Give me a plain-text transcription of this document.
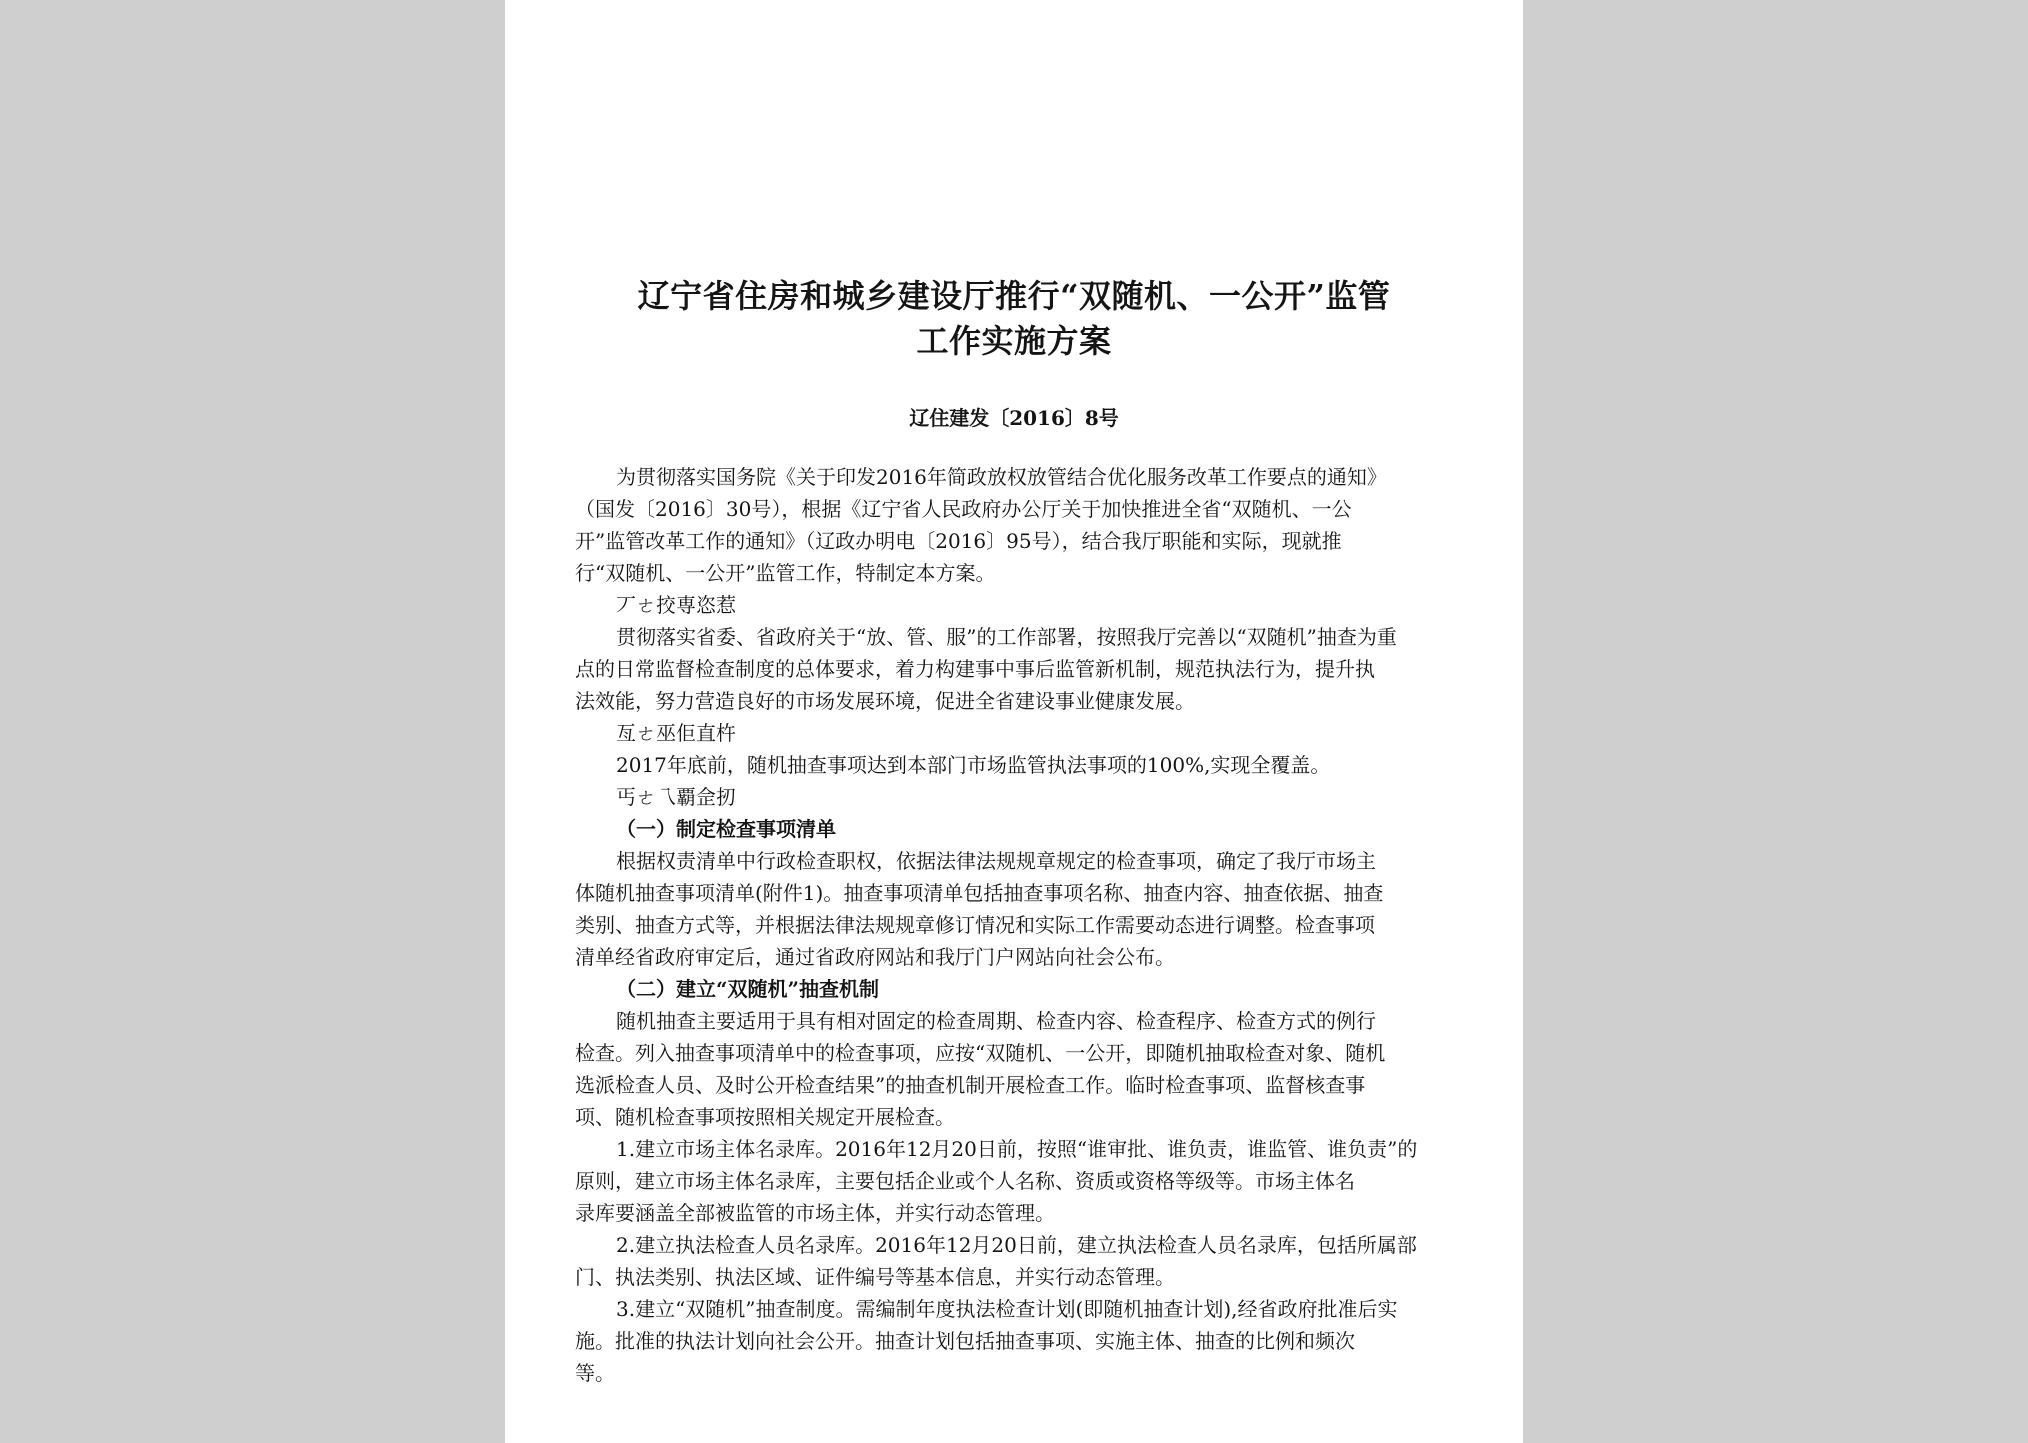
辽宁省住房和城乡建设厅推行“双随机、一公开”监管
工作实施方案
辽住建发〔2016〕8号
为贯彻落实国务院《关于印发2016年简政放权放管结合优化服务改革工作要点的通知》
（国发〔2016〕30号），根据《辽宁省人民政府办公厅关于加快推进全省“双随机、一公
开”监管改革工作的通知》（辽政办明电〔2016〕95号），结合我厅职能和实际，现就推
行“双随机、一公开”监管工作，特制定本方案。
丆ㄜ挍専恣惹
贯彻落实省委、省政府关于“放、管、服”的工作部署，按照我厅完善以“双随机”抽查为重
点的日常监督检查制度的总体要求，着力构建事中事后监管新机制，规范执法行为，提升执
法效能，努力营造良好的市场发展环境，促进全省建设事业健康发展。
亙ㄜ巫佢直杵
2017年底前，随机抽查事项达到本部门市场监管执法事项的100%,实现全覆盖。
丐ㄜ乁覇佱扨
（一）制定检查事项清单
根据权责清单中行政检查职权，依据法律法规规章规定的检查事项，确定了我厅市场主
体随机抽查事项清单(附件1)。抽查事项清单包括抽查事项名称、抽查内容、抽查依据、抽查
类别、抽查方式等，并根据法律法规规章修订情况和实际工作需要动态进行调整。检查事项
清单经省政府审定后，通过省政府网站和我厅门户网站向社会公布。
（二）建立“双随机”抽查机制
随机抽查主要适用于具有相对固定的检查周期、检查内容、检查程序、检查方式的例行
检查。列入抽查事项清单中的检查事项，应按“双随机、一公开，即随机抽取检查对象、随机
选派检查人员、及时公开检查结果”的抽查机制开展检查工作。临时检查事项、监督核查事
项、随机检查事项按照相关规定开展检查。
1.建立市场主体名录库。2016年12月20日前，按照“谁审批、谁负责，谁监管、谁负责”的
原则，建立市场主体名录库，主要包括企业或个人名称、资质或资格等级等。市场主体名
录库要涵盖全部被监管的市场主体，并实行动态管理。
2.建立执法检查人员名录库。2016年12月20日前，建立执法检查人员名录库，包括所属部
门、执法类别、执法区域、证件编号等基本信息，并实行动态管理。
3.建立“双随机”抽查制度。需编制年度执法检查计划(即随机抽查计划),经省政府批准后实
施。批准的执法计划向社会公开。抽查计划包括抽查事项、实施主体、抽查的比例和频次
等。
